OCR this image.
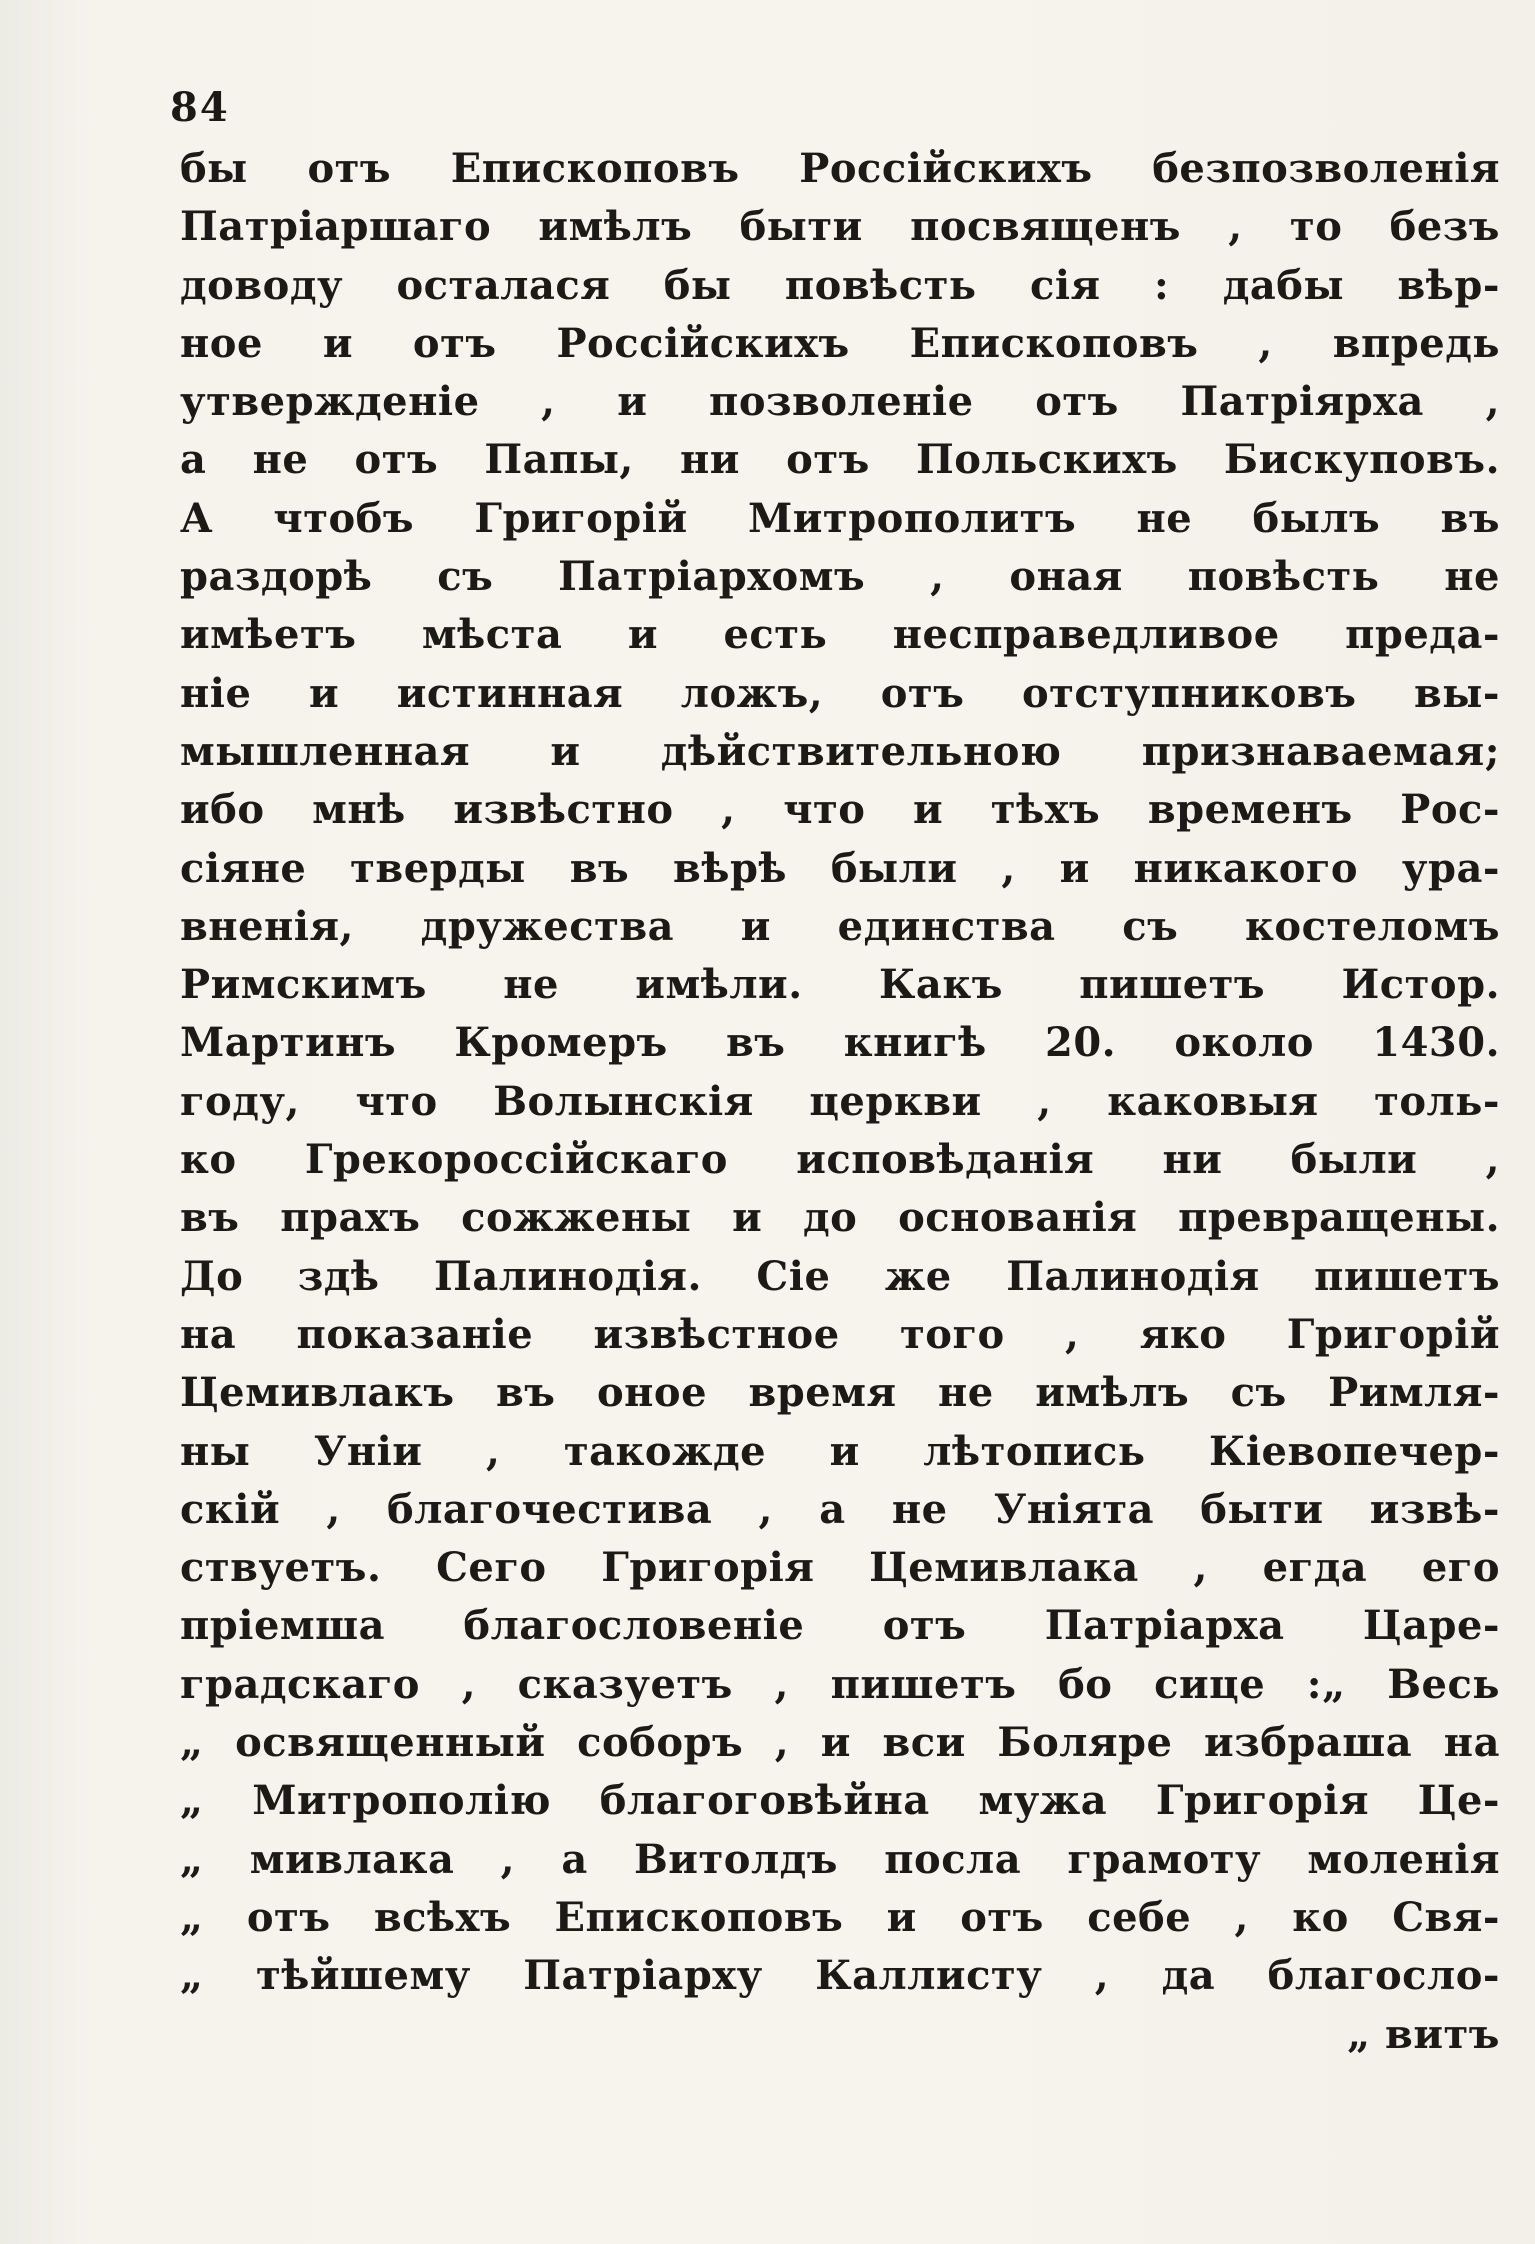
84
бы отъ Епископовъ Россійскихъ безпозволенія
Патріаршаго имѣлъ быти посвященъ , то безъ
доводу осталася бы повѣсть сія : дабы вѣр-
ное и отъ Россійскихъ Епископовъ , впредь
утвержденіе , и позволеніе отъ Патріярха ,
а не отъ Папы, ни отъ Польскихъ Бискуповъ.
А чтобъ Григорій Митрополитъ не былъ въ
раздорѣ съ Патріархомъ , оная повѣсть не
имѣетъ мѣста и есть несправедливое преда-
ніе и истинная ложъ, отъ отступниковъ вы-
мышленная и дѣйствительною признаваемая;
ибо мнѣ извѣстно , что и тѣхъ временъ Рос-
сіяне тверды въ вѣрѣ были , и никакого ура-
вненія, дружества и единства съ костеломъ
Римскимъ не имѣли. Какъ пишетъ Истор.
Мартинъ Кромеръ въ книгѣ 20. около 1430.
году, что Волынскія церкви , каковыя толь-
ко Грекороссійскаго исповѣданія ни были ,
въ прахъ сожжены и до основанія превращены.
До здѣ Палинодія. Сіе же Палинодія пишетъ
на показаніе извѣстное того , яко Григорій
Цемивлакъ въ оное время не имѣлъ съ Римля-
ны Уніи , такожде и лѣтопись Кіевопечер-
скій , благочестива , а не Уніята быти извѣ-
ствуетъ. Сего Григорія Цемивлака , егда его
пріемша благословеніе отъ Патріарха Царе-
градскаго , сказуетъ , пишетъ бо сице :„ Весь
„ освященный соборъ , и вси Боляре избраша на
„ Митрополію благоговѣйна мужа Григорія Це-
„ мивлака , а Витолдъ посла грамоту моленія
„ отъ всѣхъ Епископовъ и отъ себе , ко Свя-
„ тѣйшему Патріарху Каллисту , да благосло-
„ витъ
